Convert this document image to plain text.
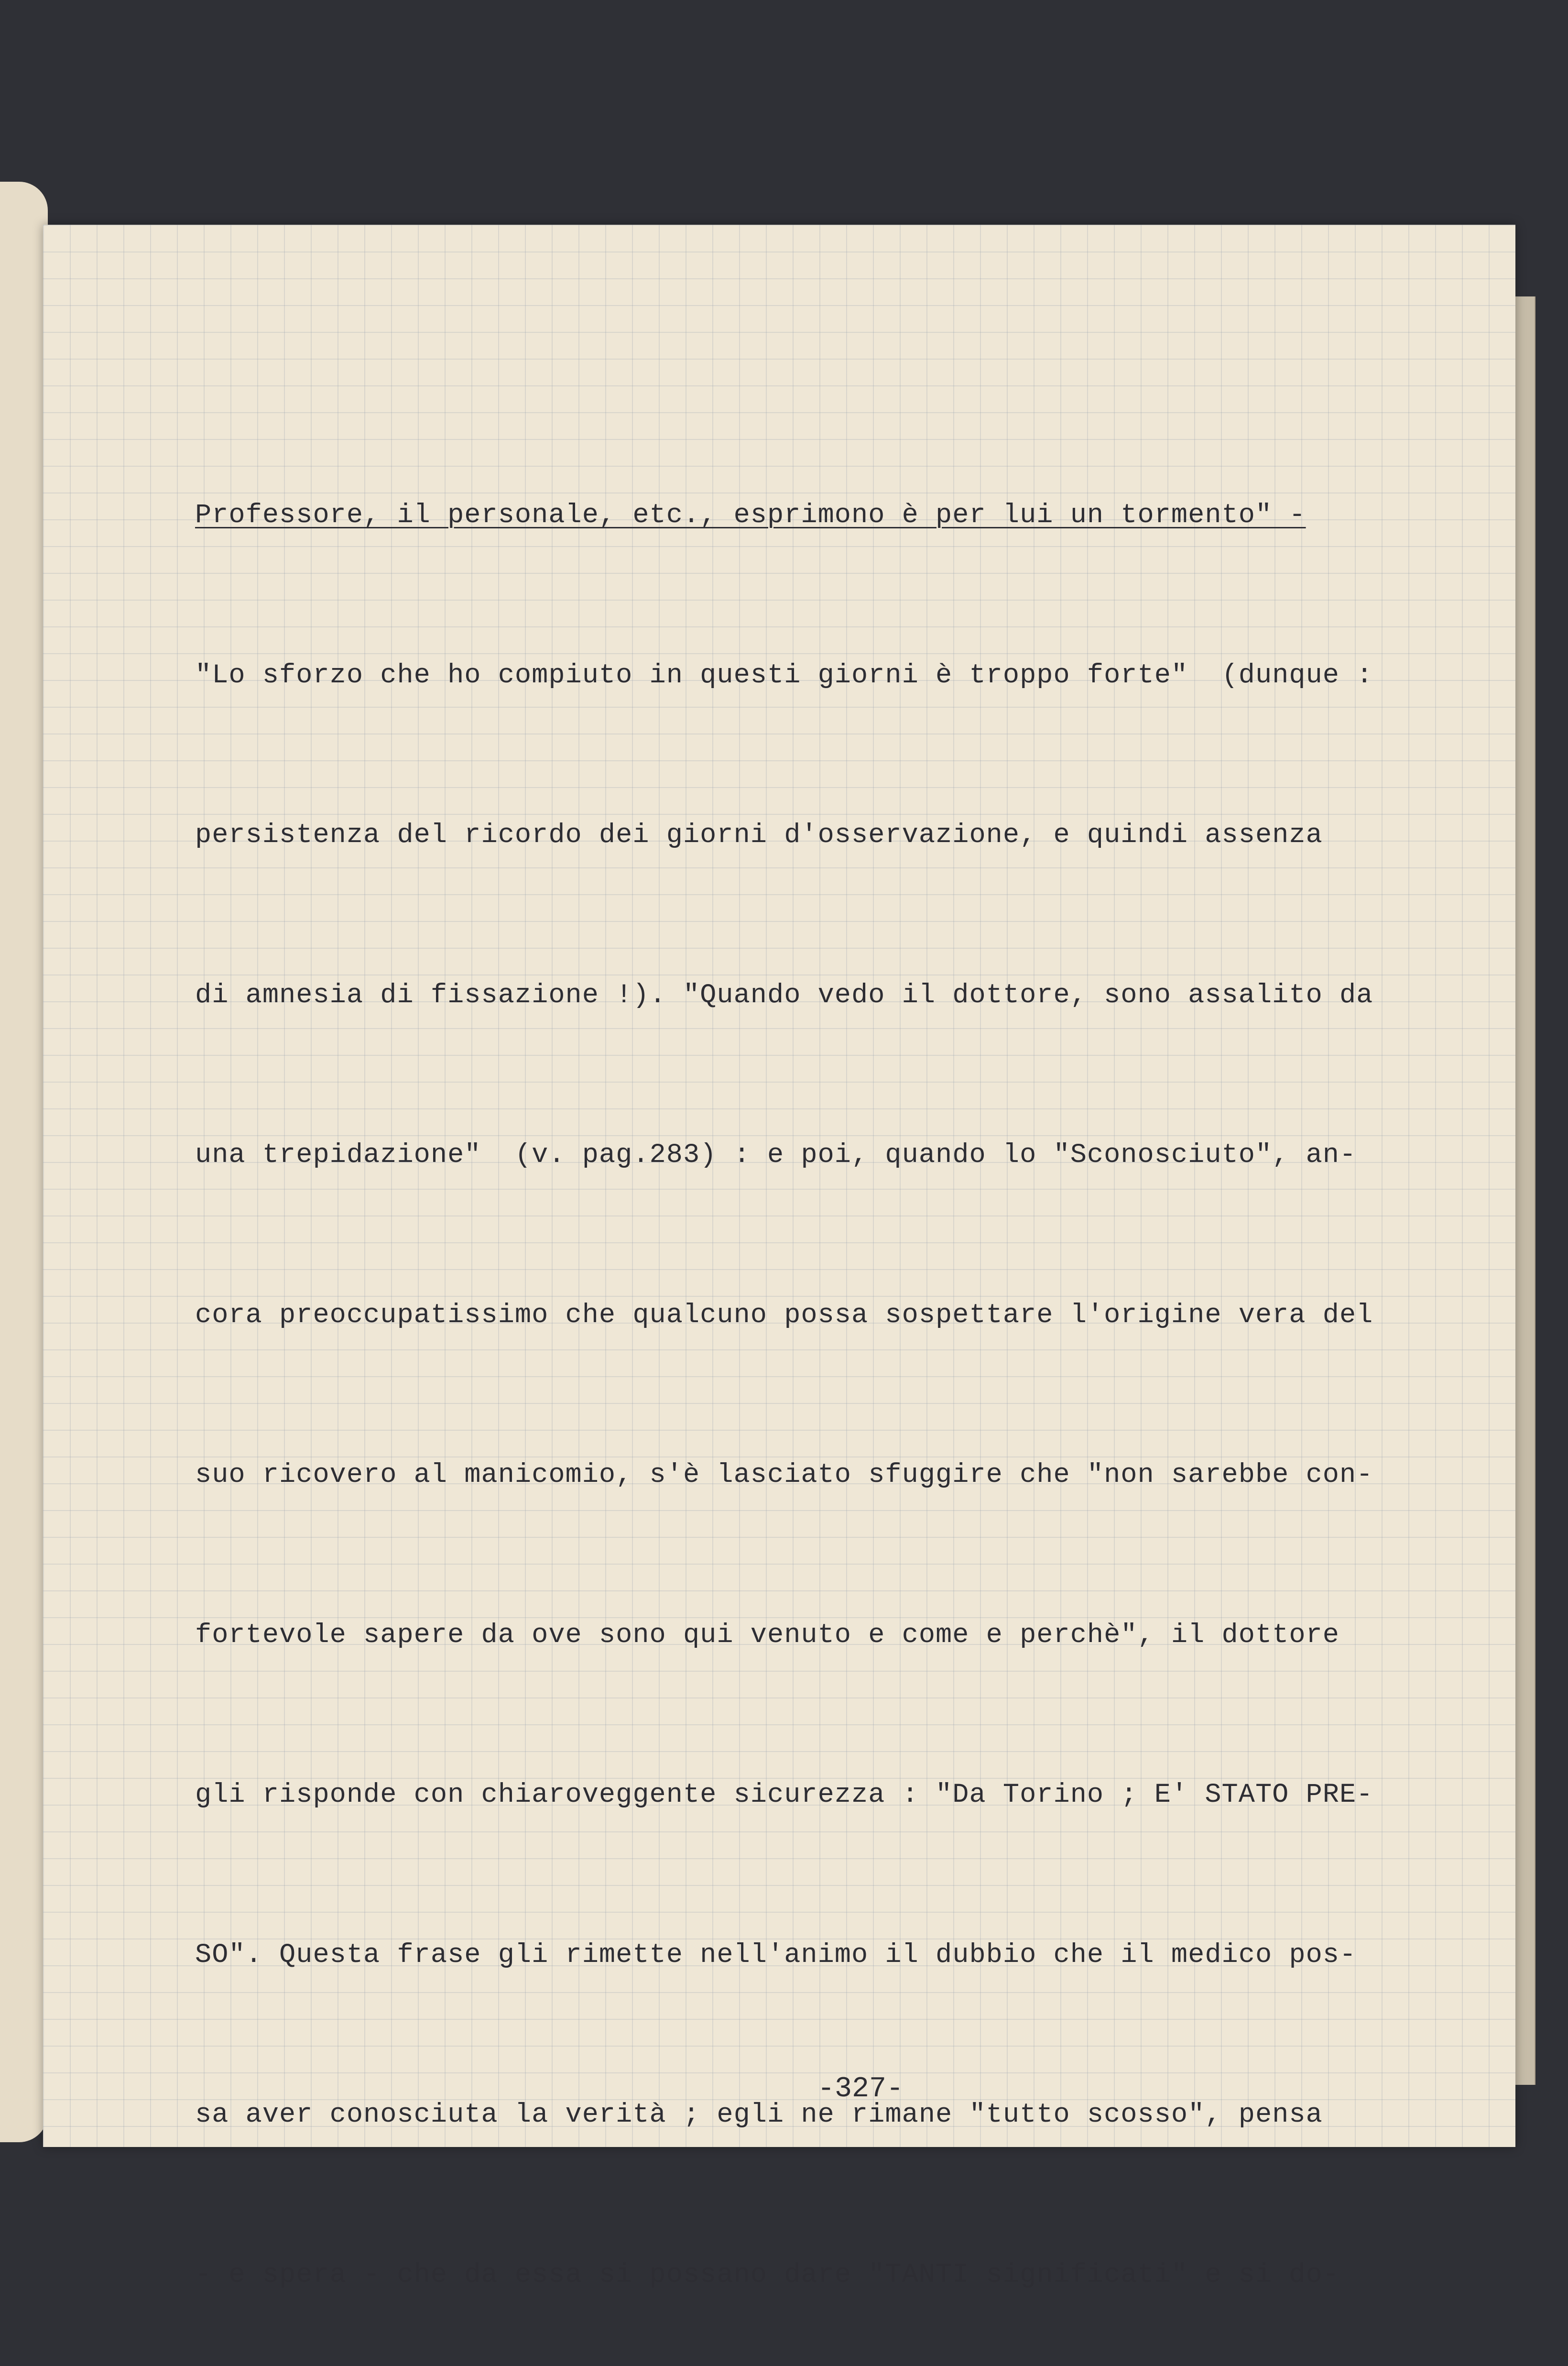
Professore, il personale, etc., esprimono è per lui un tormento" -

"Lo sforzo che ho compiuto in questi giorni è troppo forte"  (dunque :

persistenza del ricordo dei giorni d'osservazione, e quindi assenza

di amnesia di fissazione !). "Quando vedo il dottore, sono assalito da

una trepidazione"  (v. pag.283) : e poi, quando lo "Sconosciuto", an-

cora preoccupatissimo che qualcuno possa sospettare l'origine vera del

suo ricovero al manicomio, s'è lasciato sfuggire che "non sarebbe con-

fortevole sapere da ove sono qui venuto e come e perchè", il dottore

gli risponde con chiaroveggente sicurezza : "Da Torino ; E' STATO PRE-

SO". Questa frase gli rimette nell'animo il dubbio che il medico pos-

sa aver conosciuta la verità ; egli ne rimane "tutto scosso", pensa

- e spera - che da essa si possano dare "TANTI significati" e si do-

-327-
